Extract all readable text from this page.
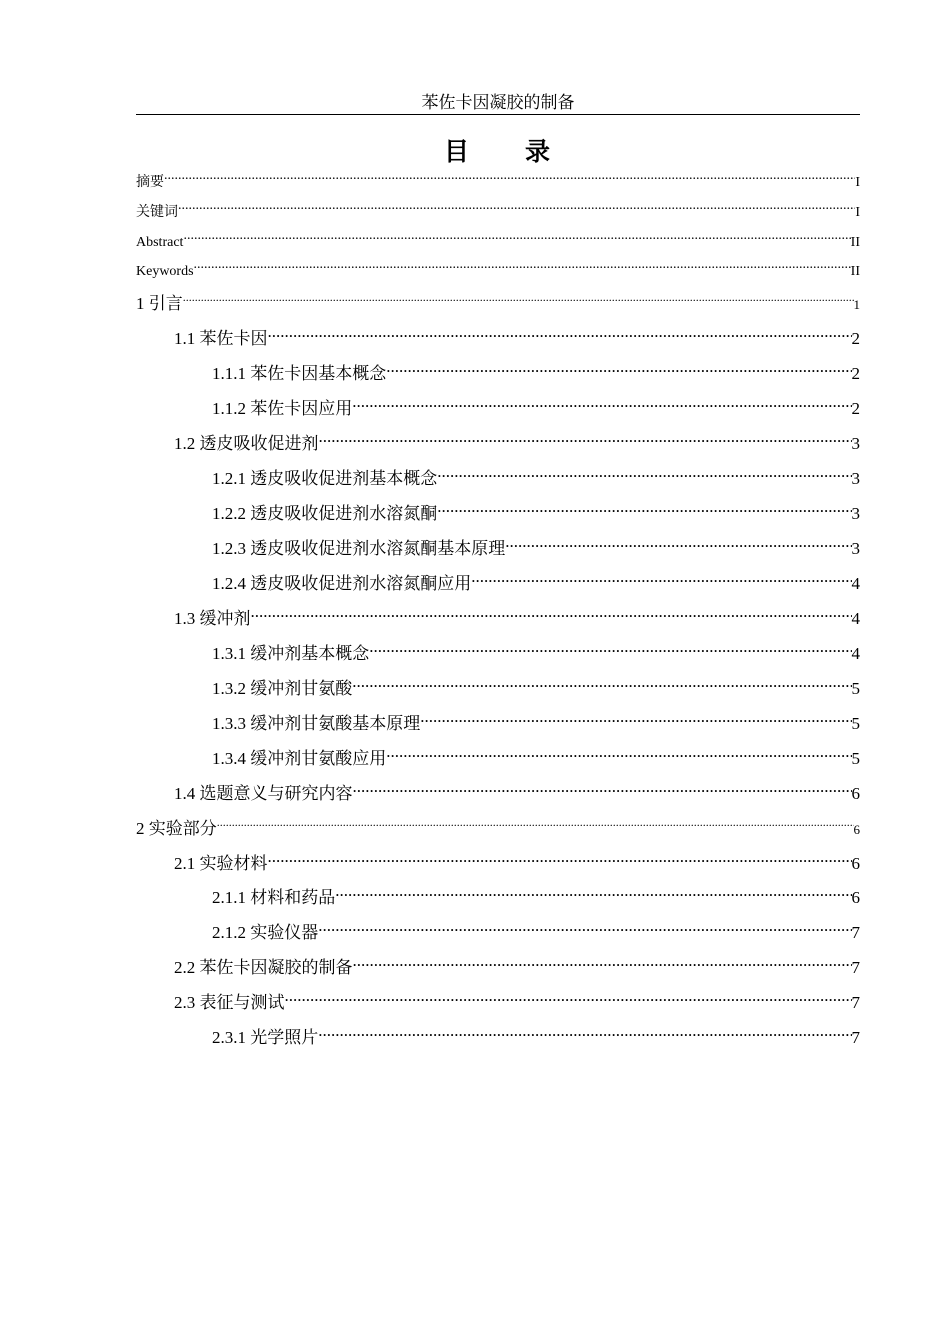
苯佐卡因凝胶的制备
目　　录
摘要 .....	I
关键词 .....	I
Abstract .....	II
Keywords .....	II
1 引言 .....	1
1.1 苯佐卡因 .....	2
1.1.1 苯佐卡因基本概念 .....	2
1.1.2 苯佐卡因应用 .....	2
1.2 透皮吸收促进剂 .....	3
1.2.1 透皮吸收促进剂基本概念 .....	3
1.2.2 透皮吸收促进剂水溶氮酮 .....	3
1.2.3 透皮吸收促进剂水溶氮酮基本原理 .....	3
1.2.4 透皮吸收促进剂水溶氮酮应用 .....	4
1.3 缓冲剂 .....	4
1.3.1 缓冲剂基本概念 .....	4
1.3.2 缓冲剂甘氨酸 .....	5
1.3.3 缓冲剂甘氨酸基本原理 .....	5
1.3.4 缓冲剂甘氨酸应用 .....	5
1.4 选题意义与研究内容 .....	6
2 实验部分 .....	6
2.1 实验材料 .....	6
2.1.1 材料和药品 .....	6
2.1.2 实验仪器 .....	7
2.2 苯佐卡因凝胶的制备 .....	7
2.3 表征与测试 .....	7
2.3.1 光学照片 .....	7
